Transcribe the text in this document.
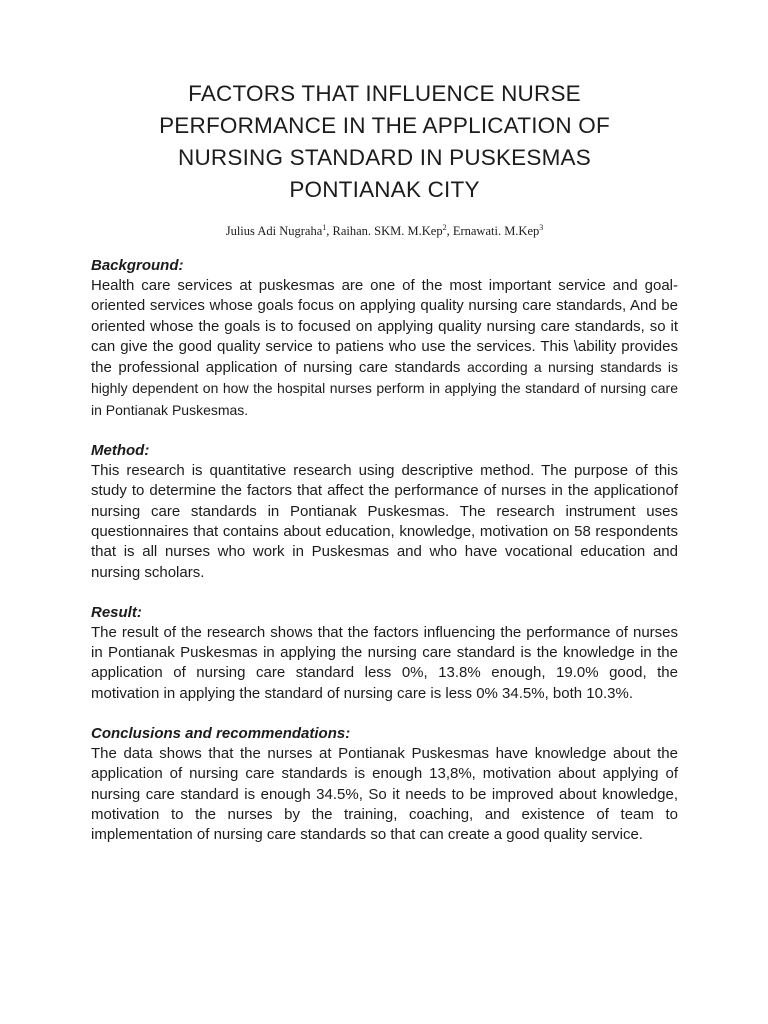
FACTORS THAT INFLUENCE NURSE
PERFORMANCE IN THE APPLICATION OF
NURSING STANDARD IN PUSKESMAS
PONTIANAK CITY

Julius Adi Nugraha$^1$, Raihan. SKM. M.Kep$^2$, Ernawati. M.Kep$^3$

Background:

Health care services at puskesmas are one of the most important service and goal-oriented services whose goals focus on applying quality nursing care standards, And be oriented whose the goals is to focused on applying quality nursing care standards, so it can give the good quality service to patiens who use the services. This \ability provides the professional application of nursing care standards according a nursing standards is highly dependent on how the hospital nurses perform in applying the standard of nursing care in Pontianak Puskesmas.

Method:

This research is quantitative research using descriptive method. The purpose of this study to determine the factors that affect the performance of nurses in the applicationof nursing care standards in Pontianak Puskesmas. The research instrument uses questionnaires that contains about education, knowledge, motivation on 58 respondents that is all nurses who work in Puskesmas and who have vocational education and nursing scholars.

Result:

The result of the research shows that the factors influencing the performance of nurses in Pontianak Puskesmas in applying the nursing care standard is the knowledge in the application of nursing care standard less 0%, 13.8% enough, 19.0% good, the motivation in applying the standard of nursing care is less 0% 34.5%, both 10.3%.

Conclusions and recommendations:

The data shows that the nurses at Pontianak Puskesmas have knowledge about the application of nursing care standards is enough 13,8%, motivation about applying of nursing care standard is enough 34.5%, So it needs to be improved about knowledge, motivation to the nurses by the training, coaching, and existence of team to implementation of nursing care standards so that can create a good quality service.
